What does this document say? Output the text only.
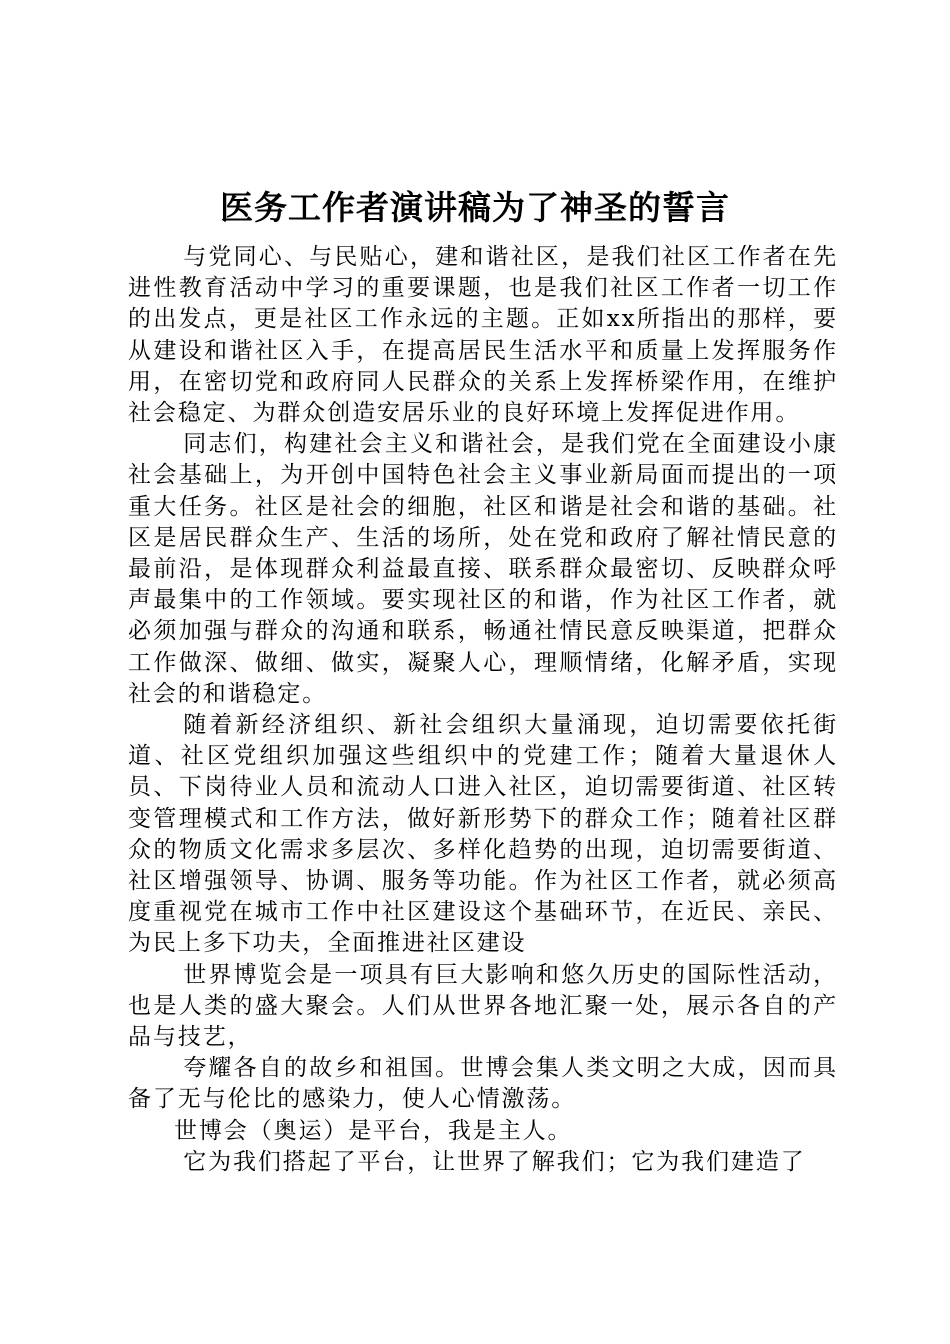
医务工作者演讲稿为了神圣的誓言

与党同心、与民贴心，建和谐社区，是我们社区工作者在先进性教育活动中学习的重要课题，也是我们社区工作者一切工作的出发点，更是社区工作永远的主题。正如xx所指出的那样，要从建设和谐社区入手，在提高居民生活水平和质量上发挥服务作用，在密切党和政府同人民群众的关系上发挥桥梁作用，在维护社会稳定、为群众创造安居乐业的良好环境上发挥促进作用。

同志们，构建社会主义和谐社会，是我们党在全面建设小康社会基础上，为开创中国特色社会主义事业新局面而提出的一项重大任务。社区是社会的细胞，社区和谐是社会和谐的基础。社区是居民群众生产、生活的场所，处在党和政府了解社情民意的最前沿，是体现群众利益最直接、联系群众最密切、反映群众呼声最集中的工作领域。要实现社区的和谐，作为社区工作者，就必须加强与群众的沟通和联系，畅通社情民意反映渠道，把群众工作做深、做细、做实，凝聚人心，理顺情绪，化解矛盾，实现社会的和谐稳定。

随着新经济组织、新社会组织大量涌现，迫切需要依托街道、社区党组织加强这些组织中的党建工作；随着大量退休人员、下岗待业人员和流动人口进入社区，迫切需要街道、社区转变管理模式和工作方法，做好新形势下的群众工作；随着社区群众的物质文化需求多层次、多样化趋势的出现，迫切需要街道、社区增强领导、协调、服务等功能。作为社区工作者，就必须高度重视党在城市工作中社区建设这个基础环节，在近民、亲民、为民上多下功夫，全面推进社区建设

世界博览会是一项具有巨大影响和悠久历史的国际性活动，也是人类的盛大聚会。人们从世界各地汇聚一处，展示各自的产品与技艺，

夸耀各自的故乡和祖国。世博会集人类文明之大成，因而具备了无与伦比的感染力，使人心情激荡。

世博会（奥运）是平台，我是主人。

它为我们搭起了平台，让世界了解我们；它为我们建造了
